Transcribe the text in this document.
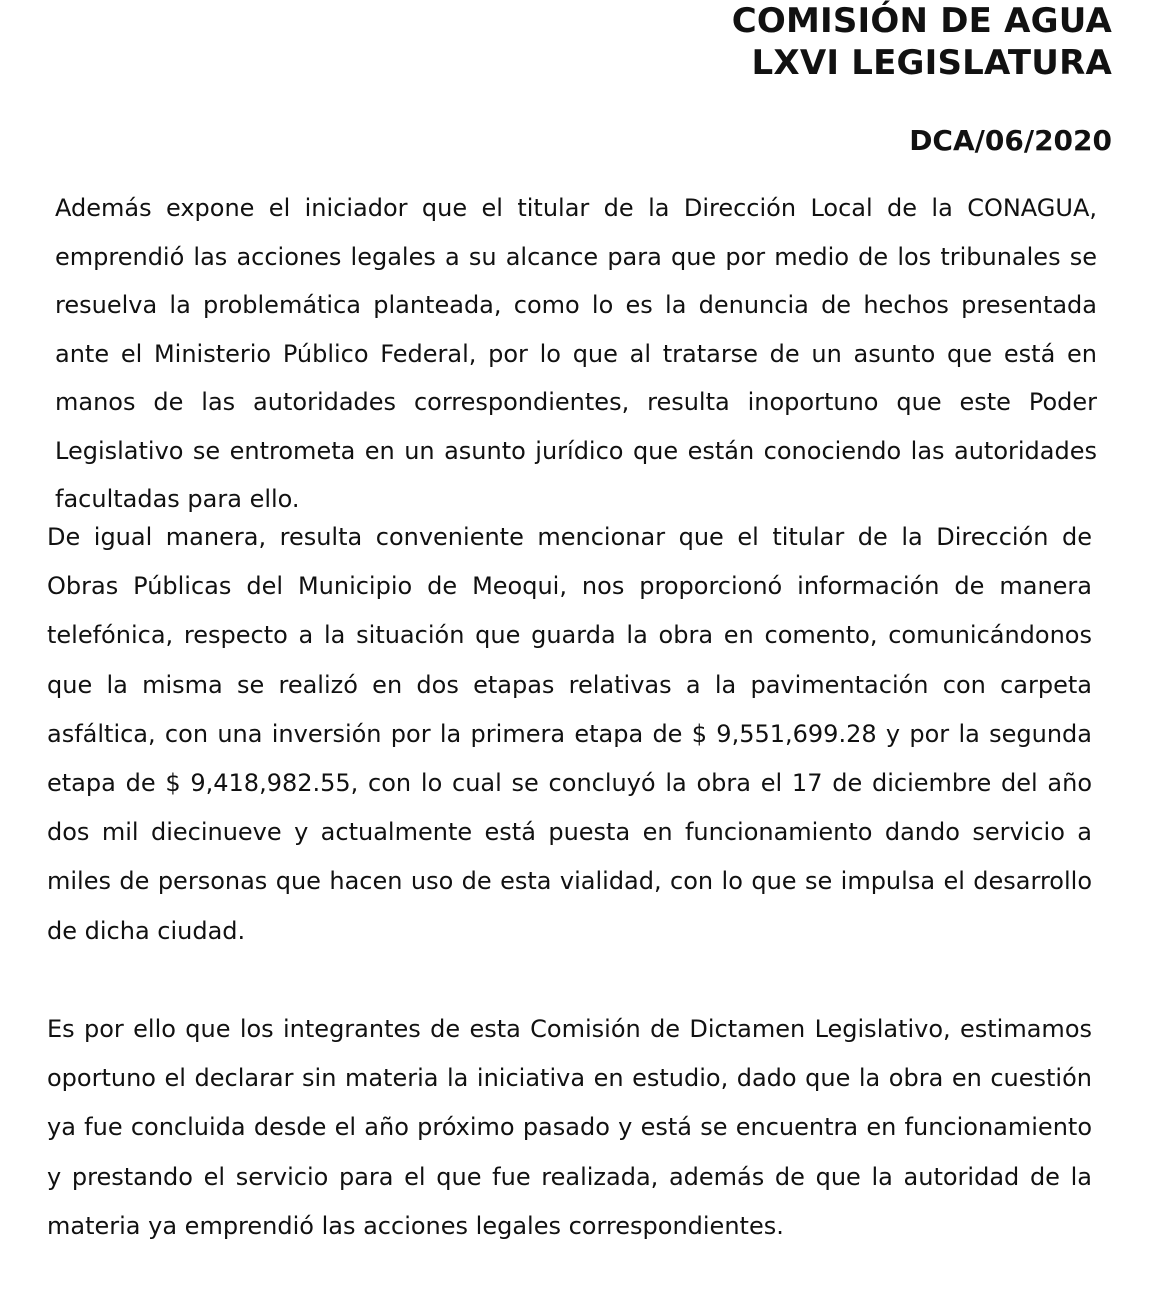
COMISIÓN DE AGUA
LXVI LEGISLATURA
DCA/06/2020

Además expone el iniciador que el titular de la Dirección Local de la CONAGUA, emprendió las acciones legales a su alcance para que por medio de los tribunales se resuelva la problemática planteada, como lo es la denuncia de hechos presentada ante el Ministerio Público Federal, por lo que al tratarse de un asunto que está en manos de las autoridades correspondientes, resulta inoportuno que este Poder Legislativo se entrometa en un asunto jurídico que están conociendo las autoridades facultadas para ello.

De igual manera, resulta conveniente mencionar que el titular de la Dirección de Obras Públicas del Municipio de Meoqui, nos proporcionó información de manera telefónica, respecto a la situación que guarda la obra en comento, comunicándonos que la misma se realizó en dos etapas relativas a la pavimentación con carpeta asfáltica, con una inversión por la primera etapa de $ 9,551,699.28 y por la segunda etapa de $ 9,418,982.55, con lo cual se concluyó la obra el 17 de diciembre del año dos mil diecinueve y actualmente está puesta en funcionamiento dando servicio a miles de personas que hacen uso de esta vialidad, con lo que se impulsa el desarrollo de dicha ciudad.

Es por ello que los integrantes de esta Comisión de Dictamen Legislativo, estimamos oportuno el declarar sin materia la iniciativa en estudio, dado que la obra en cuestión ya fue concluida desde el año próximo pasado y está se encuentra en funcionamiento y prestando el servicio para el que fue realizada, además de que la autoridad de la materia ya emprendió las acciones legales correspondientes.
